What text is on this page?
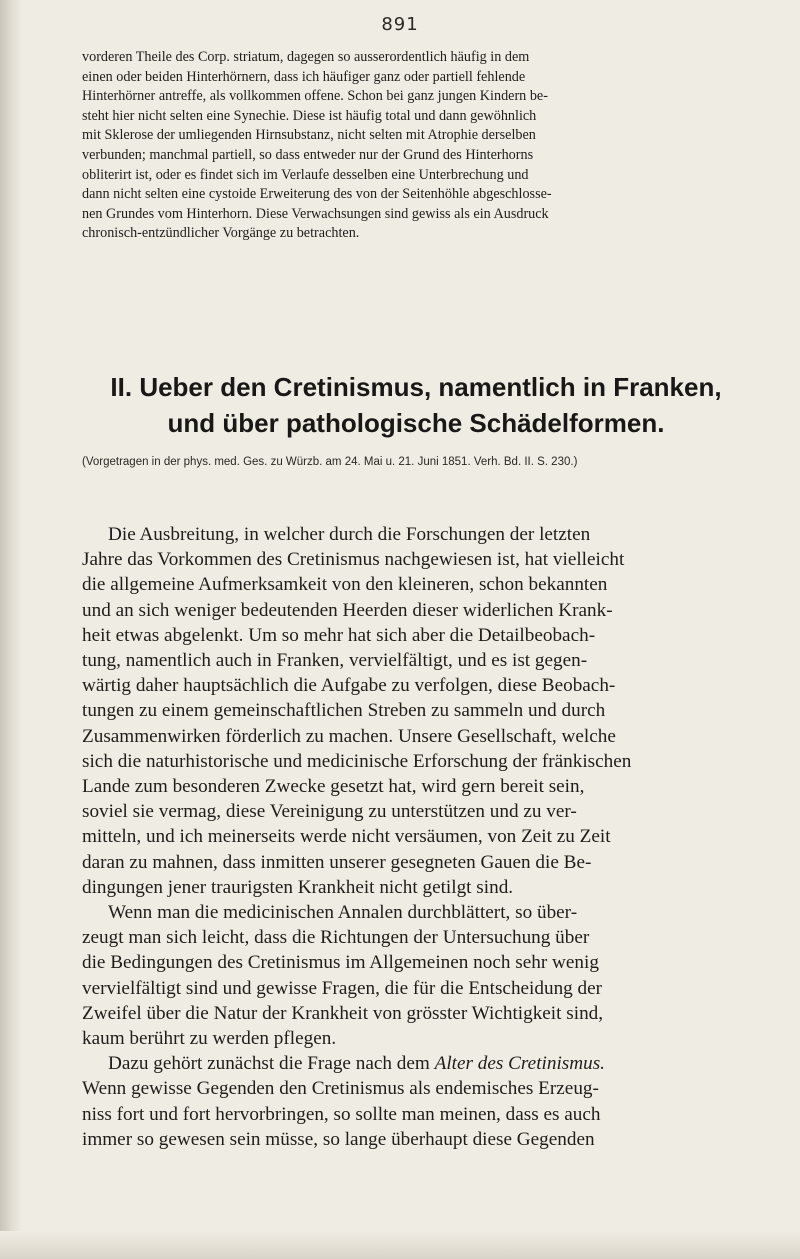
891
vorderen Theile des Corp. striatum, dagegen so ausserordentlich häufig in dem
einen oder beiden Hinterhörnern, dass ich häufiger ganz oder partiell fehlende
Hinterhörner antreffe, als vollkommen offene. Schon bei ganz jungen Kindern be-
steht hier nicht selten eine Synechie. Diese ist häufig total und dann gewöhnlich
mit Sklerose der umliegenden Hirnsubstanz, nicht selten mit Atrophie derselben
verbunden; manchmal partiell, so dass entweder nur der Grund des Hinterhorns
obliterirt ist, oder es findet sich im Verlaufe desselben eine Unterbrechung und
dann nicht selten eine cystoide Erweiterung des von der Seitenhöhle abgeschlosse-
nen Grundes vom Hinterhorn. Diese Verwachsungen sind gewiss als ein Ausdruck
chronisch-entzündlicher Vorgänge zu betrachten.
II. Ueber den Cretinismus, namentlich in Franken,
und über pathologische Schädelformen.
(Vorgetragen in der phys. med. Ges. zu Würzb. am 24. Mai u. 21. Juni 1851. Verh. Bd. II. S. 230.)
Die Ausbreitung, in welcher durch die Forschungen der letzten
Jahre das Vorkommen des Cretinismus nachgewiesen ist, hat vielleicht
die allgemeine Aufmerksamkeit von den kleineren, schon bekannten
und an sich weniger bedeutenden Heerden dieser widerlichen Krank-
heit etwas abgelenkt. Um so mehr hat sich aber die Detailbeobach-
tung, namentlich auch in Franken, vervielfältigt, und es ist gegen-
wärtig daher hauptsächlich die Aufgabe zu verfolgen, diese Beobach-
tungen zu einem gemeinschaftlichen Streben zu sammeln und durch
Zusammenwirken förderlich zu machen. Unsere Gesellschaft, welche
sich die naturhistorische und medicinische Erforschung der fränkischen
Lande zum besonderen Zwecke gesetzt hat, wird gern bereit sein,
soviel sie vermag, diese Vereinigung zu unterstützen und zu ver-
mitteln, und ich meinerseits werde nicht versäumen, von Zeit zu Zeit
daran zu mahnen, dass inmitten unserer gesegneten Gauen die Be-
dingungen jener traurigsten Krankheit nicht getilgt sind.
Wenn man die medicinischen Annalen durchblättert, so über-
zeugt man sich leicht, dass die Richtungen der Untersuchung über
die Bedingungen des Cretinismus im Allgemeinen noch sehr wenig
vervielfältigt sind und gewisse Fragen, die für die Entscheidung der
Zweifel über die Natur der Krankheit von grösster Wichtigkeit sind,
kaum berührt zu werden pflegen.
Dazu gehört zunächst die Frage nach dem Alter des Cretinismus.
Wenn gewisse Gegenden den Cretinismus als endemisches Erzeug-
niss fort und fort hervorbringen, so sollte man meinen, dass es auch
immer so gewesen sein müsse, so lange überhaupt diese Gegenden
